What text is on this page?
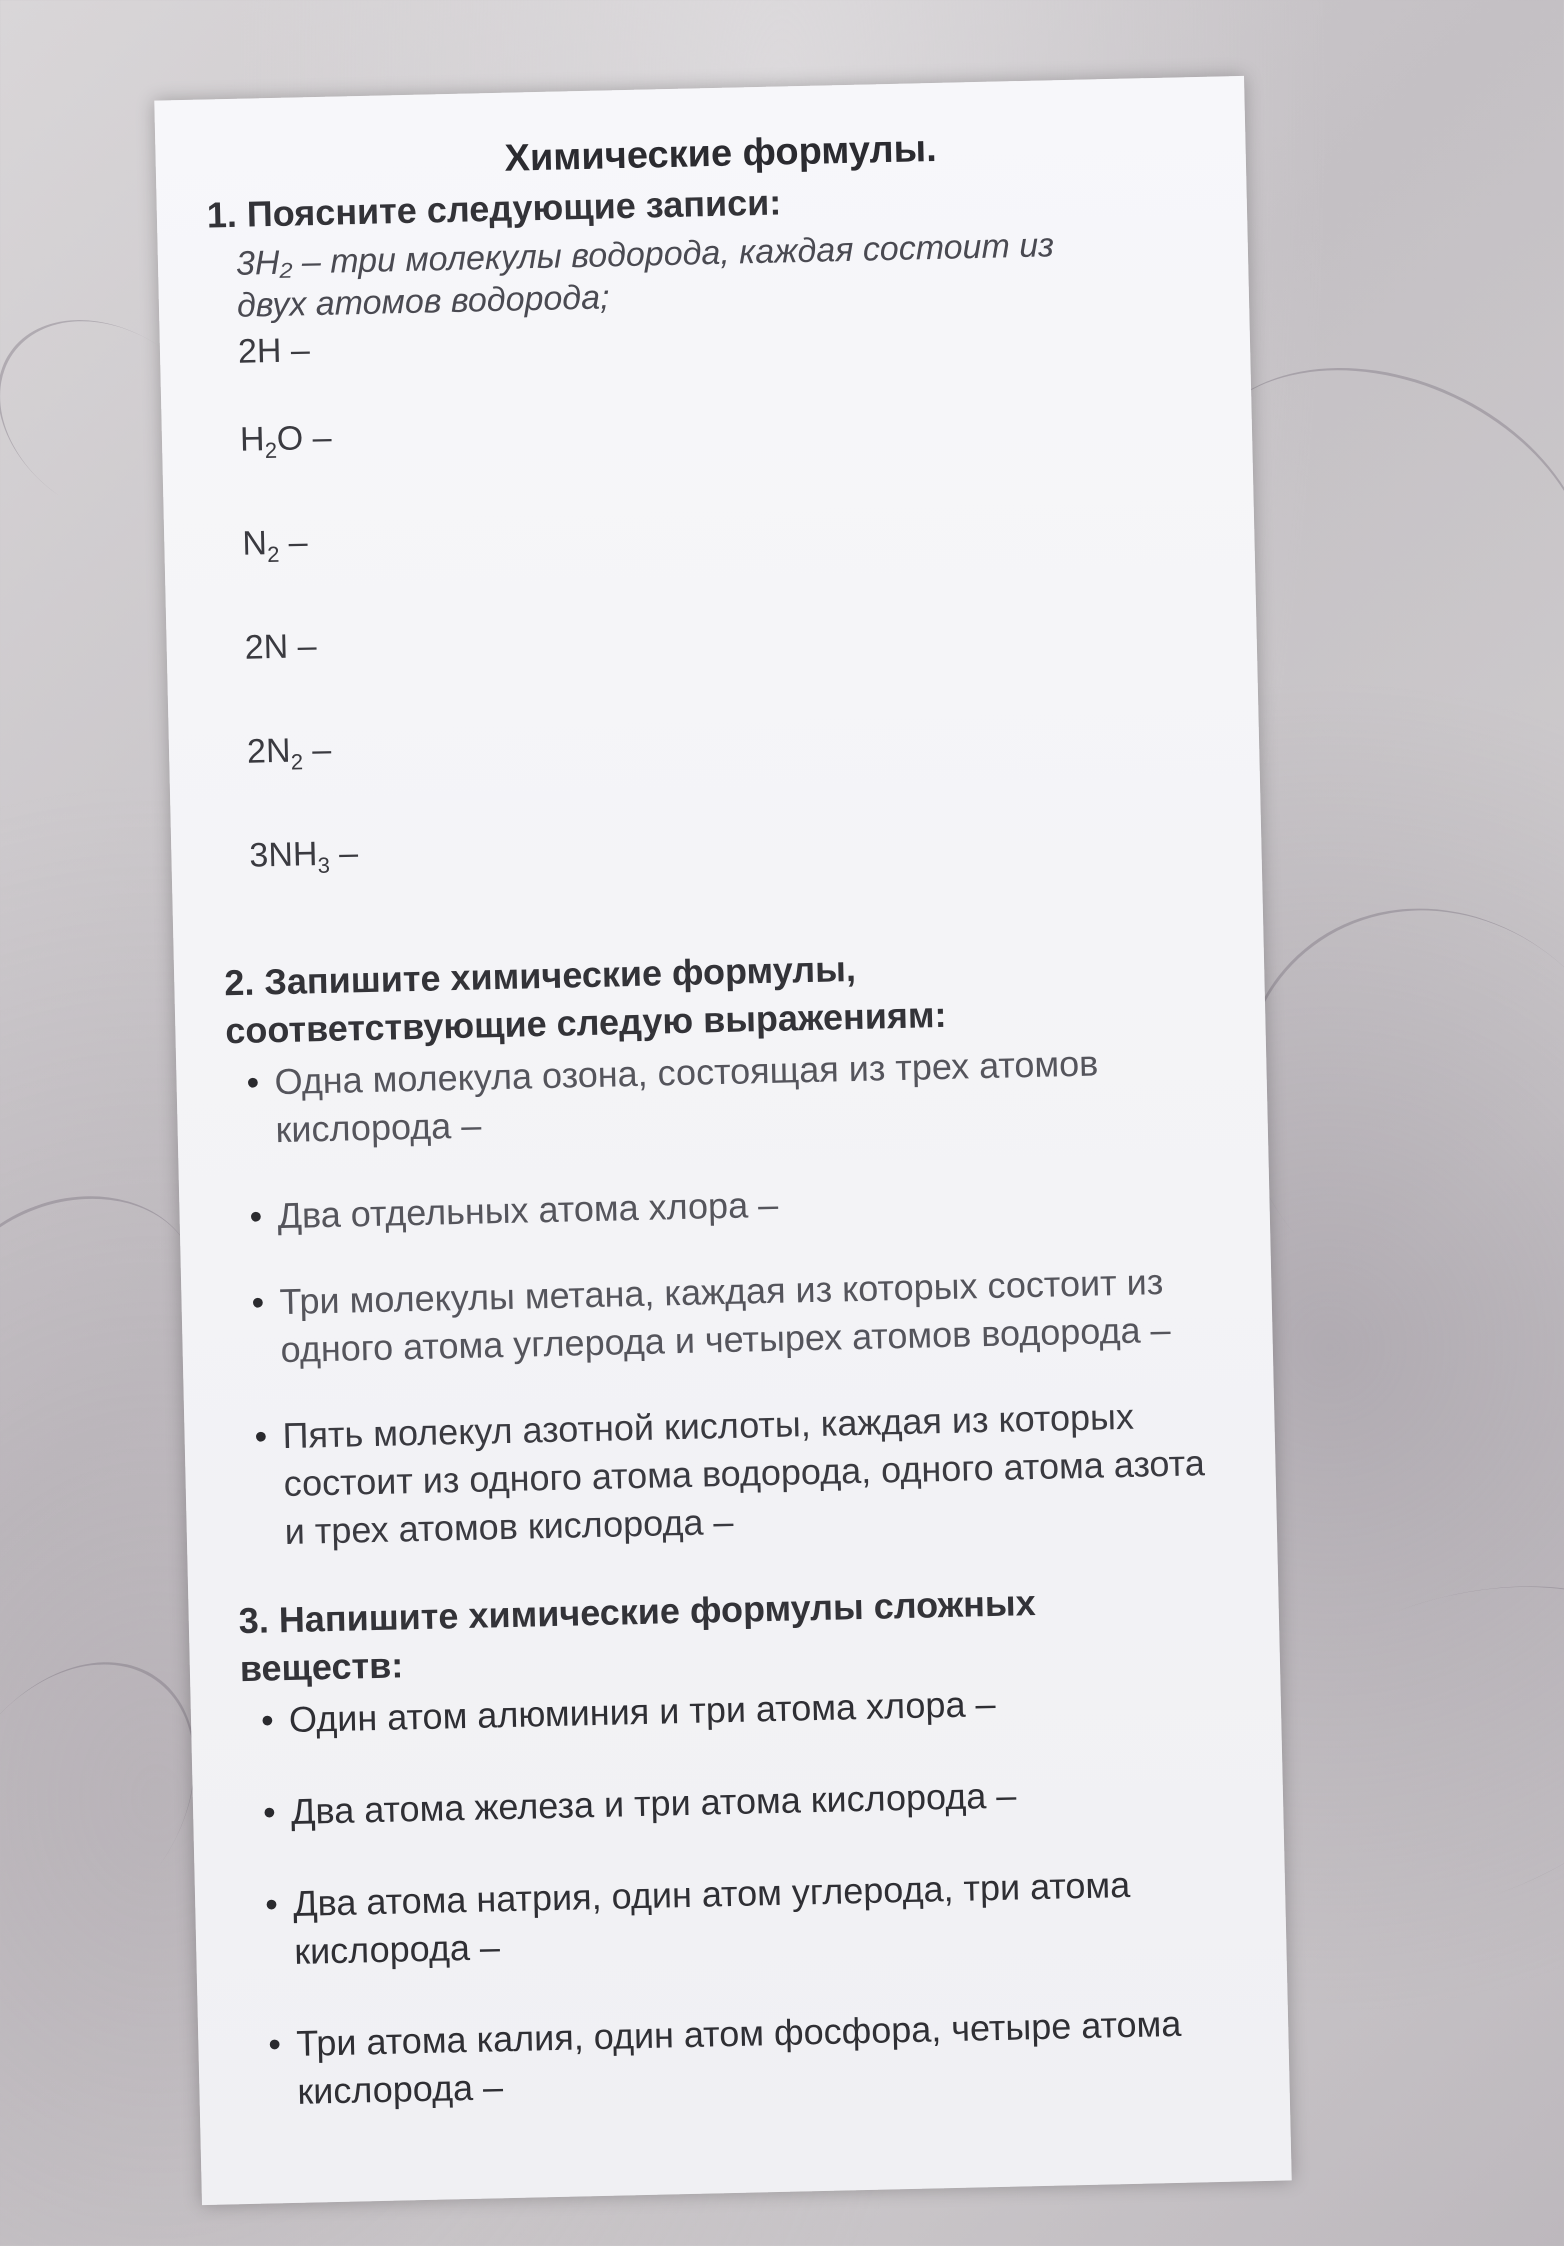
Химические формулы.

1. Поясните следующие записи:

3H₂ – три молекулы водорода, каждая состоит из двух атомов водорода;

2H –
$H_2O$ –
$N_2$ –
2N –
$2N_2$ –
$3NH_3$ –

2. Запишите химические формулы,
соответствующие следую выражениям:

• Одна молекула озона, состоящая из трех атомов кислорода –
• Два отдельных атома хлора –
• Три молекулы метана, каждая из которых состоит из одного атома углерода и четырех атомов водорода –
• Пять молекул азотной кислоты, каждая из которых состоит из одного атома водорода, одного атома азота и трех атомов кислорода –

3. Напишите химические формулы сложных
веществ:

• Один атом алюминия и три атома хлора –
• Два атома железа и три атома кислорода –
• Два атома натрия, один атом углерода, три атома кислорода –
• Три атома калия, один атом фосфора, четыре атома кислорода –
